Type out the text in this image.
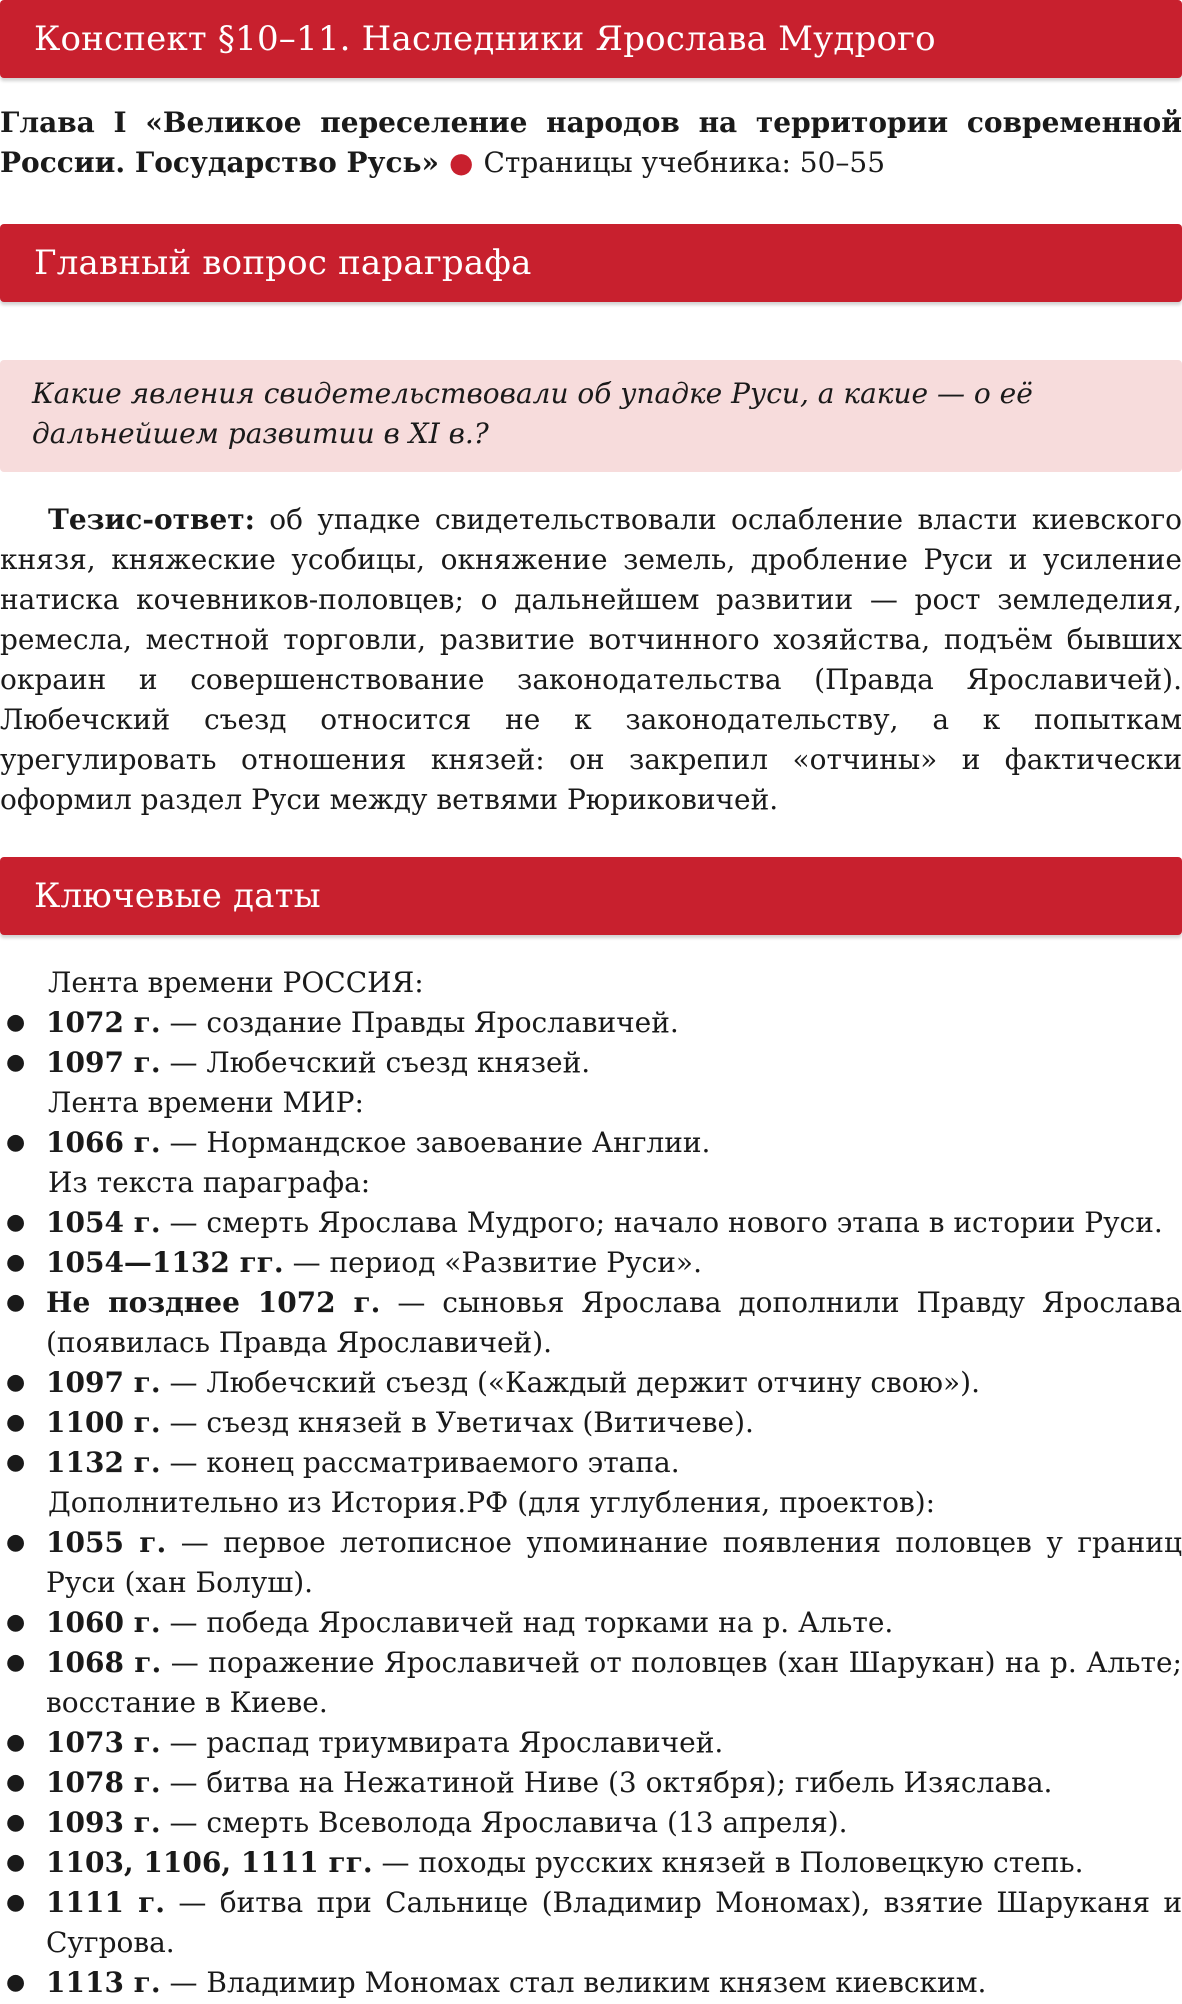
Конспект §10–11. Наследники Ярослава Мудрого
Глава I «Великое переселение народов на территории современной России. Государство Русь» ● Страницы учебника: 50–55
Главный вопрос параграфа
Какие явления свидетельствовали об упадке Руси, а какие — о её дальнейшем развитии в XI в.?
Тезис-ответ: об упадке свидетельствовали ослабление власти киевского князя, княжеские усобицы, окняжение земель, дробление Руси и усиление натиска кочевников-половцев; о дальнейшем развитии — рост земледелия, ремесла, местной торговли, развитие вотчинного хозяйства, подъём бывших окраин и совершенствование законодательства (Правда Ярославичей). Любечский съезд относится не к законодательству, а к попыткам урегулировать отношения князей: он закрепил «отчины» и фактически оформил раздел Руси между ветвями Рюриковичей.
Ключевые даты
Лента времени РОССИЯ:
● 1072 г. — создание Правды Ярославичей.
● 1097 г. — Любечский съезд князей.
Лента времени МИР:
● 1066 г. — Нормандское завоевание Англии.
Из текста параграфа:
● 1054 г. — смерть Ярослава Мудрого; начало нового этапа в истории Руси.
● 1054—1132 гг. — период «Развитие Руси».
● Не позднее 1072 г. — сыновья Ярослава дополнили Правду Ярослава (появилась Правда Ярославичей).
● 1097 г. — Любечский съезд («Каждый держит отчину свою»).
● 1100 г. — съезд князей в Уветичах (Витичеве).
● 1132 г. — конец рассматриваемого этапа.
Дополнительно из История.РФ (для углубления, проектов):
● 1055 г. — первое летописное упоминание появления половцев у границ Руси (хан Болуш).
● 1060 г. — победа Ярославичей над торками на р. Альте.
● 1068 г. — поражение Ярославичей от половцев (хан Шарукан) на р. Альте; восстание в Киеве.
● 1073 г. — распад триумвирата Ярославичей.
● 1078 г. — битва на Нежатиной Ниве (3 октября); гибель Изяслава.
● 1093 г. — смерть Всеволода Ярославича (13 апреля).
● 1103, 1106, 1111 гг. — походы русских князей в Половецкую степь.
● 1111 г. — битва при Сальнице (Владимир Мономах), взятие Шаруканя и Сугрова.
● 1113 г. — Владимир Мономах стал великим князем киевским.
